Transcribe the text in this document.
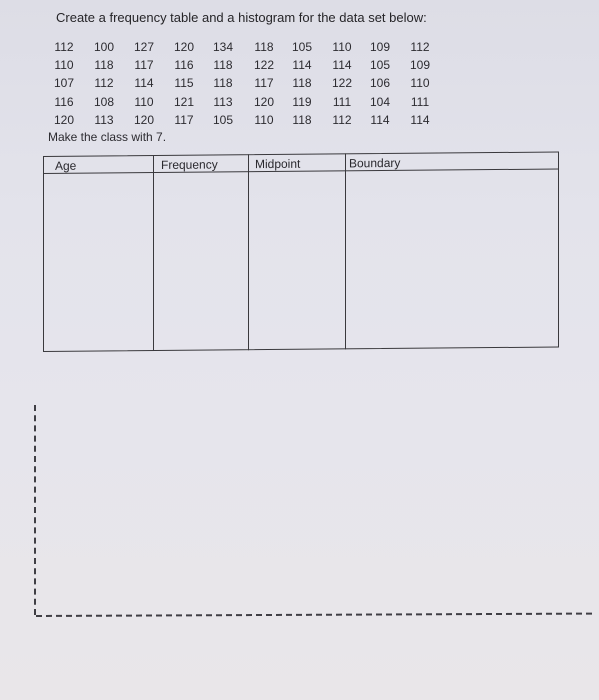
Create a frequency table and a histogram for the data set below:
112	100	127	120	134	118	105	110	109	112
110	118	117	116	118	122	114	114	105	109
107	112	114	115	118	117	118	122	106	110
116	108	110	121	113	120	119	111	104	111
120	113	120	117	105	110	118	112	114	114
Make the class with 7.
Age	Frequency	Midpoint	Boundary
